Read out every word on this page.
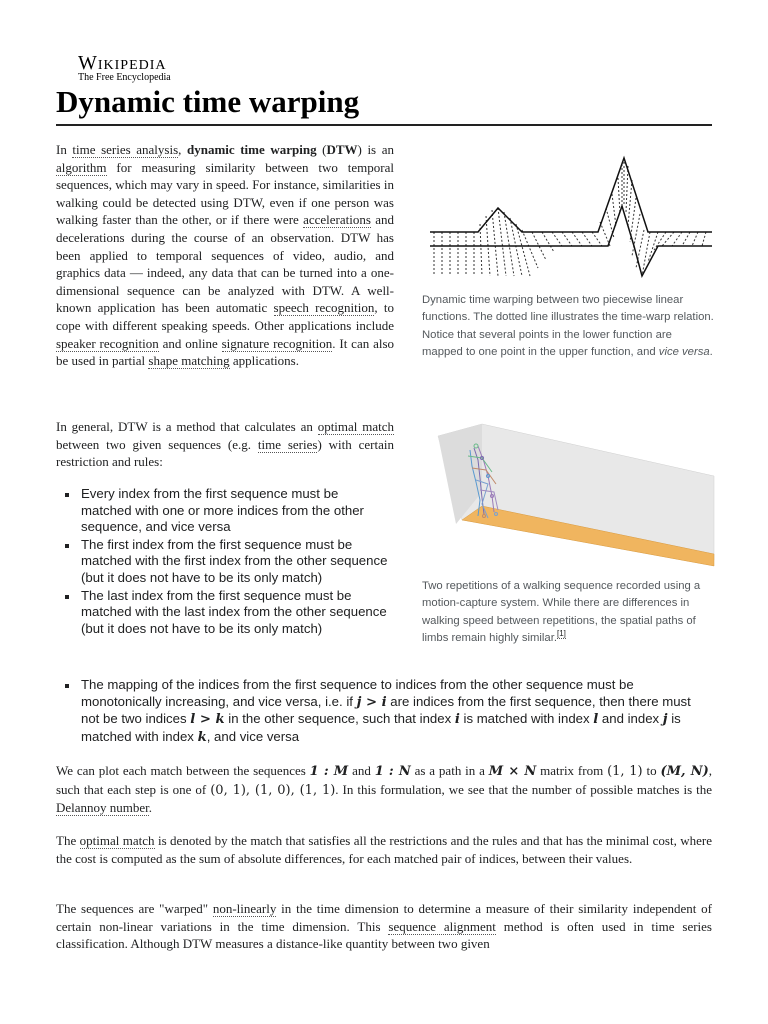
Wikipedia
The Free Encyclopedia
Dynamic time warping

In time series analysis, dynamic time warping (DTW) is an algorithm for measuring similarity between two temporal sequences, which may vary in speed. For instance, similarities in walking could be detected using DTW, even if one person was walking faster than the other, or if there were accelerations and decelerations during the course of an observation. DTW has been applied to temporal sequences of video, audio, and graphics data — indeed, any data that can be turned into a one-dimensional sequence can be analyzed with DTW. A well-known application has been automatic speech recognition, to cope with different speaking speeds. Other applications include speaker recognition and online signature recognition. It can also be used in partial shape matching applications.

Dynamic time warping between two piecewise linear functions. The dotted line illustrates the time-warp relation. Notice that several points in the lower function are mapped to one point in the upper function, and vice versa.

Two repetitions of a walking sequence recorded using a motion-capture system. While there are differences in walking speed between repetitions, the spatial paths of limbs remain highly similar.[1]

In general, DTW is a method that calculates an optimal match between two given sequences (e.g. time series) with certain restriction and rules:

Every index from the first sequence must be matched with one or more indices from the other sequence, and vice versa
The first index from the first sequence must be matched with the first index from the other sequence (but it does not have to be its only match)
The last index from the first sequence must be matched with the last index from the other sequence (but it does not have to be its only match)
The mapping of the indices from the first sequence to indices from the other sequence must be monotonically increasing, and vice versa, i.e. if j > i are indices from the first sequence, then there must not be two indices l > k in the other sequence, such that index i is matched with index l and index j is matched with index k, and vice versa

We can plot each match between the sequences 1 : M and 1 : N as a path in a M × N matrix from (1, 1) to (M, N), such that each step is one of (0, 1), (1, 0), (1, 1). In this formulation, we see that the number of possible matches is the Delannoy number.

The optimal match is denoted by the match that satisfies all the restrictions and the rules and that has the minimal cost, where the cost is computed as the sum of absolute differences, for each matched pair of indices, between their values.

The sequences are "warped" non-linearly in the time dimension to determine a measure of their similarity independent of certain non-linear variations in the time dimension. This sequence alignment method is often used in time series classification. Although DTW measures a distance-like quantity between two given
